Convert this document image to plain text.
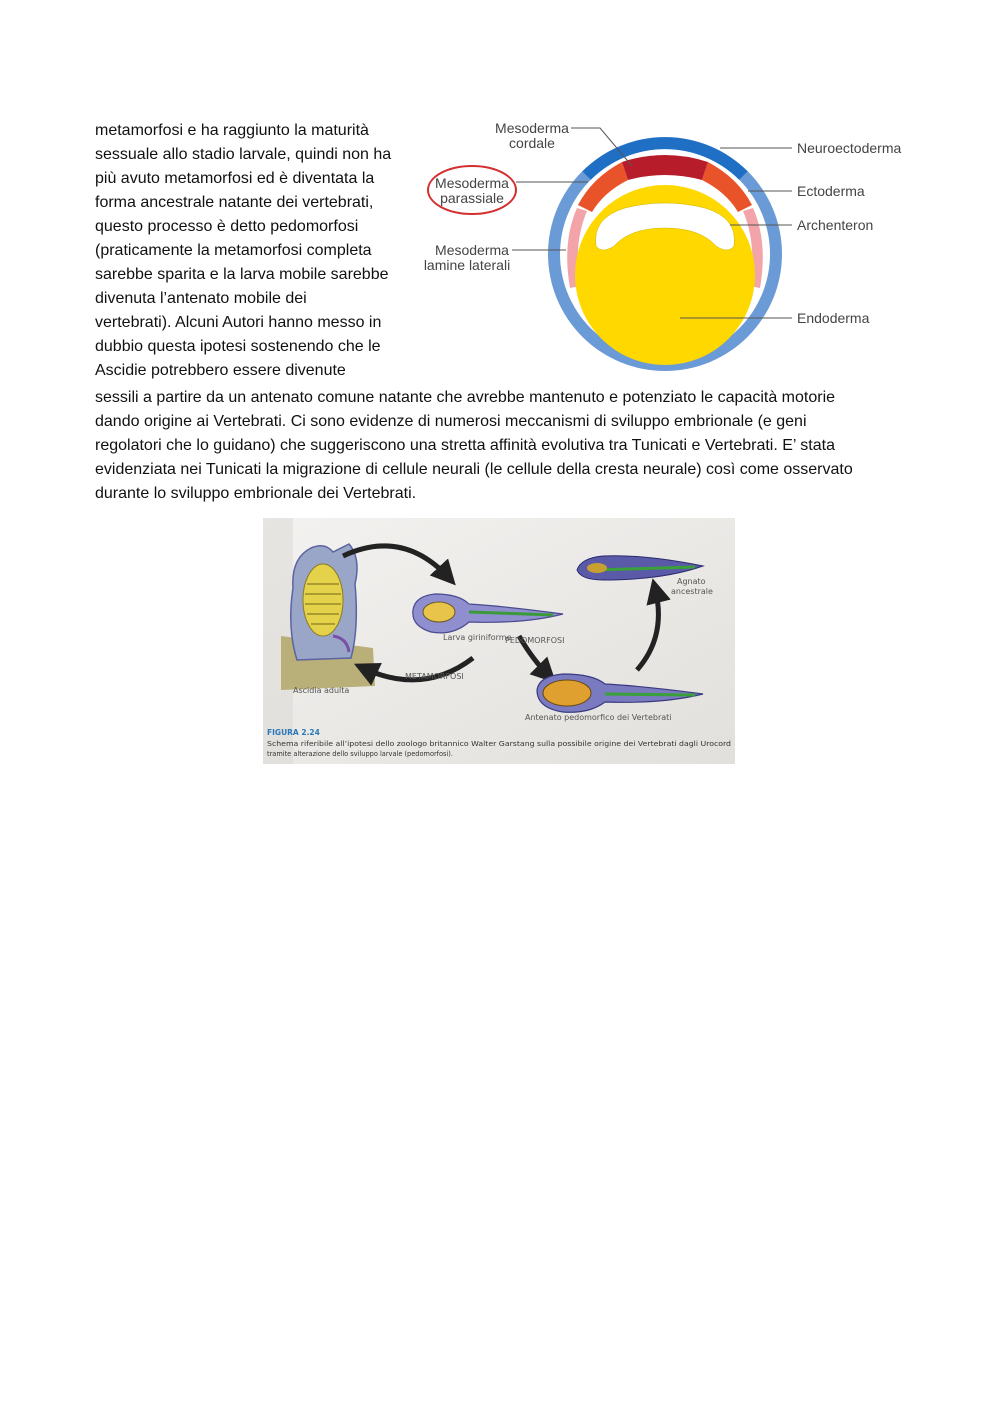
metamorfosi e ha raggiunto la maturità
sessuale allo stadio larvale, quindi non ha
più avuto metamorfosi ed è diventata la
forma ancestrale natante dei vertebrati,
questo processo è detto pedomorfosi
(praticamente la metamorfosi completa
sarebbe sparita e la larva mobile sarebbe
divenuta l’antenato mobile dei
vertebrati). Alcuni Autori hanno messo in
dubbio questa ipotesi sostenendo che le
Ascidie potrebbero essere divenute
sessili a partire da un antenato comune natante che avrebbe mantenuto e potenziato le capacità motorie
dando origine ai Vertebrati. Ci sono evidenze di numerosi meccanismi di sviluppo embrionale (e geni
regolatori che lo guidano) che suggeriscono una stretta affinità evolutiva tra Tunicati e Vertebrati. E’ stata
evidenziata nei Tunicati la migrazione di cellule neurali (le cellule della cresta neurale) così come osservato
durante lo sviluppo embrionale dei Vertebrati.
Mesoderma
cordale
Mesoderma
parassiale
Mesoderma
lamine laterali
Neuroectoderma
Ectoderma
Archenteron
Endoderma
Ascidia adulta
Larva giriniforme
PEDOMORFOSI
METAMORFOSI
Agnato
ancestrale
Antenato pedomorfico dei Vertebrati
FIGURA 2.24
Schema riferibile all’ipotesi dello zoologo britannico Walter Garstang sulla possibile origine dei Vertebrati dagli Urocord
tramite alterazione dello sviluppo larvale (pedomorfosi).
